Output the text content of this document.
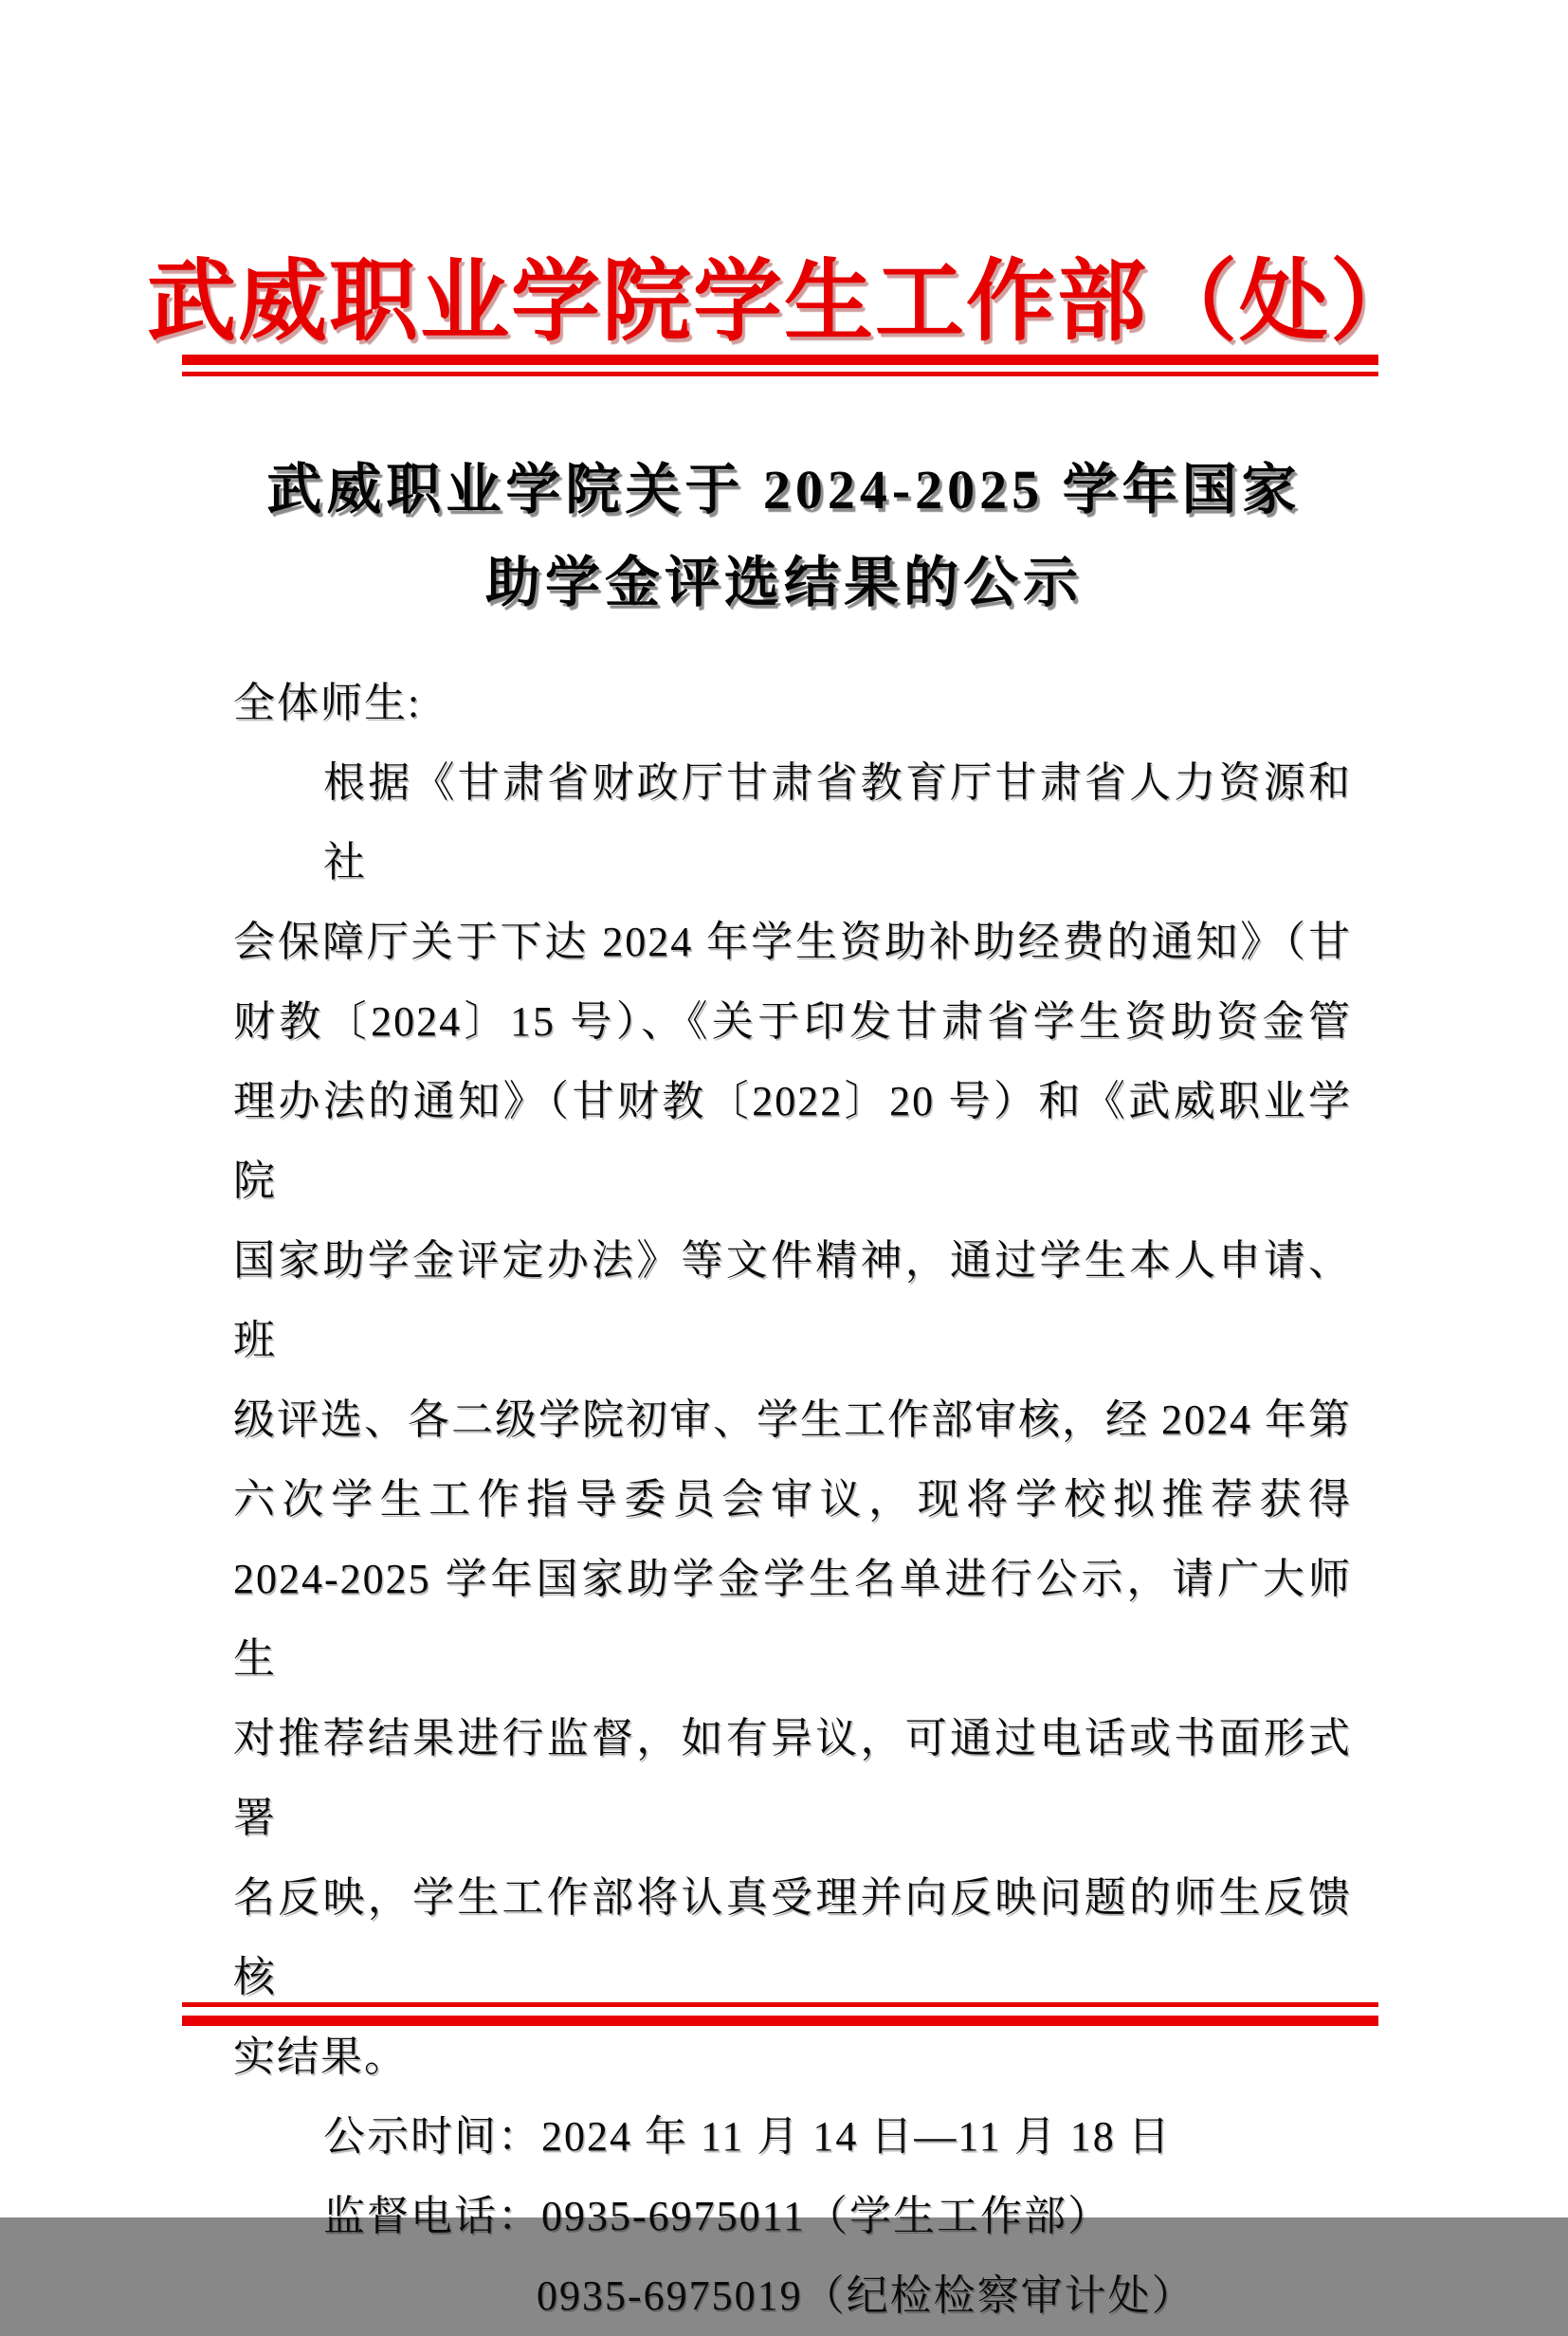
武威职业学院学生工作部（处）
武威职业学院关于 2024-2025 学年国家
助学金评选结果的公示
全体师生:
根据《甘肃省财政厅甘肃省教育厅甘肃省人力资源和社
会保障厅关于下达 2024 年学生资助补助经费的通知》（甘
财教〔2024〕15 号）、《关于印发甘肃省学生资助资金管
理办法的通知》（甘财教〔2022〕20 号）和《武威职业学院
国家助学金评定办法》等文件精神，通过学生本人申请、班
级评选、各二级学院初审、学生工作部审核，经 2024 年第
六次学生工作指导委员会审议，现将学校拟推荐获得
2024-2025 学年国家助学金学生名单进行公示，请广大师生
对推荐结果进行监督，如有异议，可通过电话或书面形式署
名反映，学生工作部将认真受理并向反映问题的师生反馈核
实结果。
公示时间：2024 年 11 月 14 日—11 月 18 日
监督电话：0935-6975011（学生工作部）
0935-6975019（纪检检察审计处）
